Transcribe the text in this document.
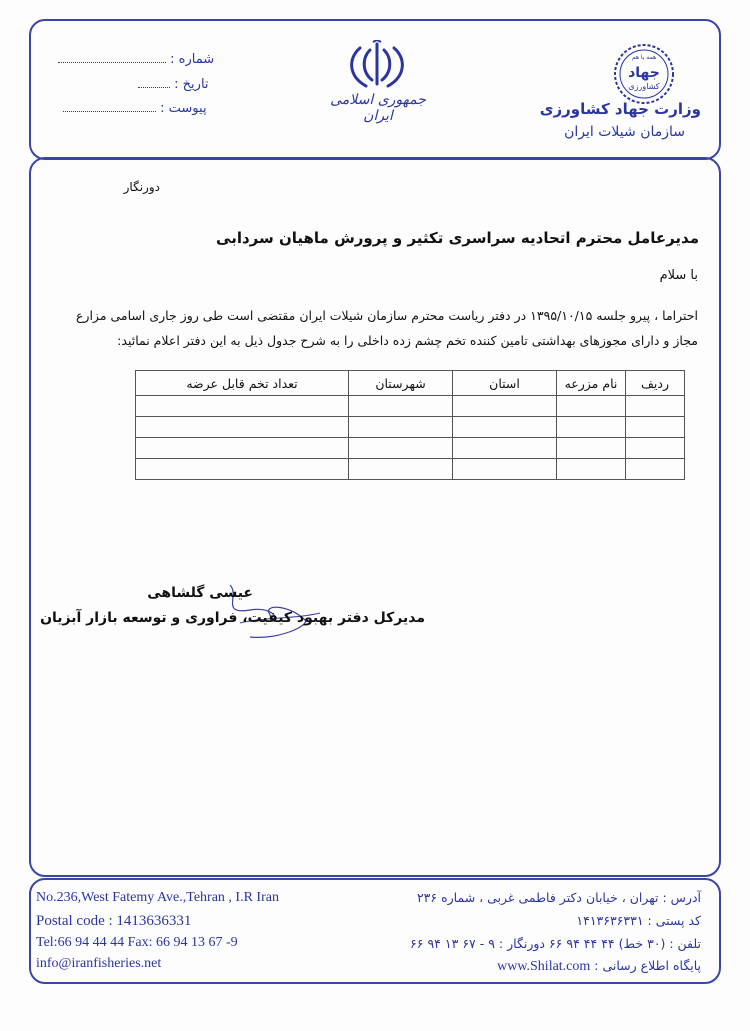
شماره :
تاریخ :
پیوست :
جمهوری اسلامی ایران
همه با هم
جهاد
کشاورزی
وزارت جهاد کشاورزی
سازمان شیلات ایران
دورنگار
مدیرعامل محترم اتحادیه سراسری تکثیر و پرورش ماهیان سردابی
با سلام
احتراما ، پیرو جلسه ۱۳۹۵/۱۰/۱۵ در دفتر ریاست محترم سازمان شیلات ایران مقتضی است طی روز جاری اسامی مزارع
مجاز و دارای مجوزهای بهداشتی تامین کننده تخم چشم زده داخلی را به شرح جدول ذیل به این دفتر اعلام نمائید:
ردیف	نام مزرعه	استان	شهرستان	تعداد تخم قابل عرضه

عیسی گلشاهی
مدیرکل دفتر بهبود کیفیت، فراوری و توسعه بازار آبزیان
No.236,West Fatemy Ave.,Tehran , I.R Iran
Postal code : 1413636331
Tel:66 94 44 44 Fax: 66 94 13 67 -9
info@iranfisheries.net
آدرس : تهران ، خیابان دکتر فاطمی غربی ، شماره ۲۳۶
کد پستی : ۱۴۱۳۶۳۶۳۳۱
تلفن : (۳۰ خط) ۴۴ ۴۴ ۹۴ ۶۶ دورنگار : ۹ - ۶۷ ۱۳ ۹۴ ۶۶
پایگاه اطلاع رسانی : www.Shilat.com
